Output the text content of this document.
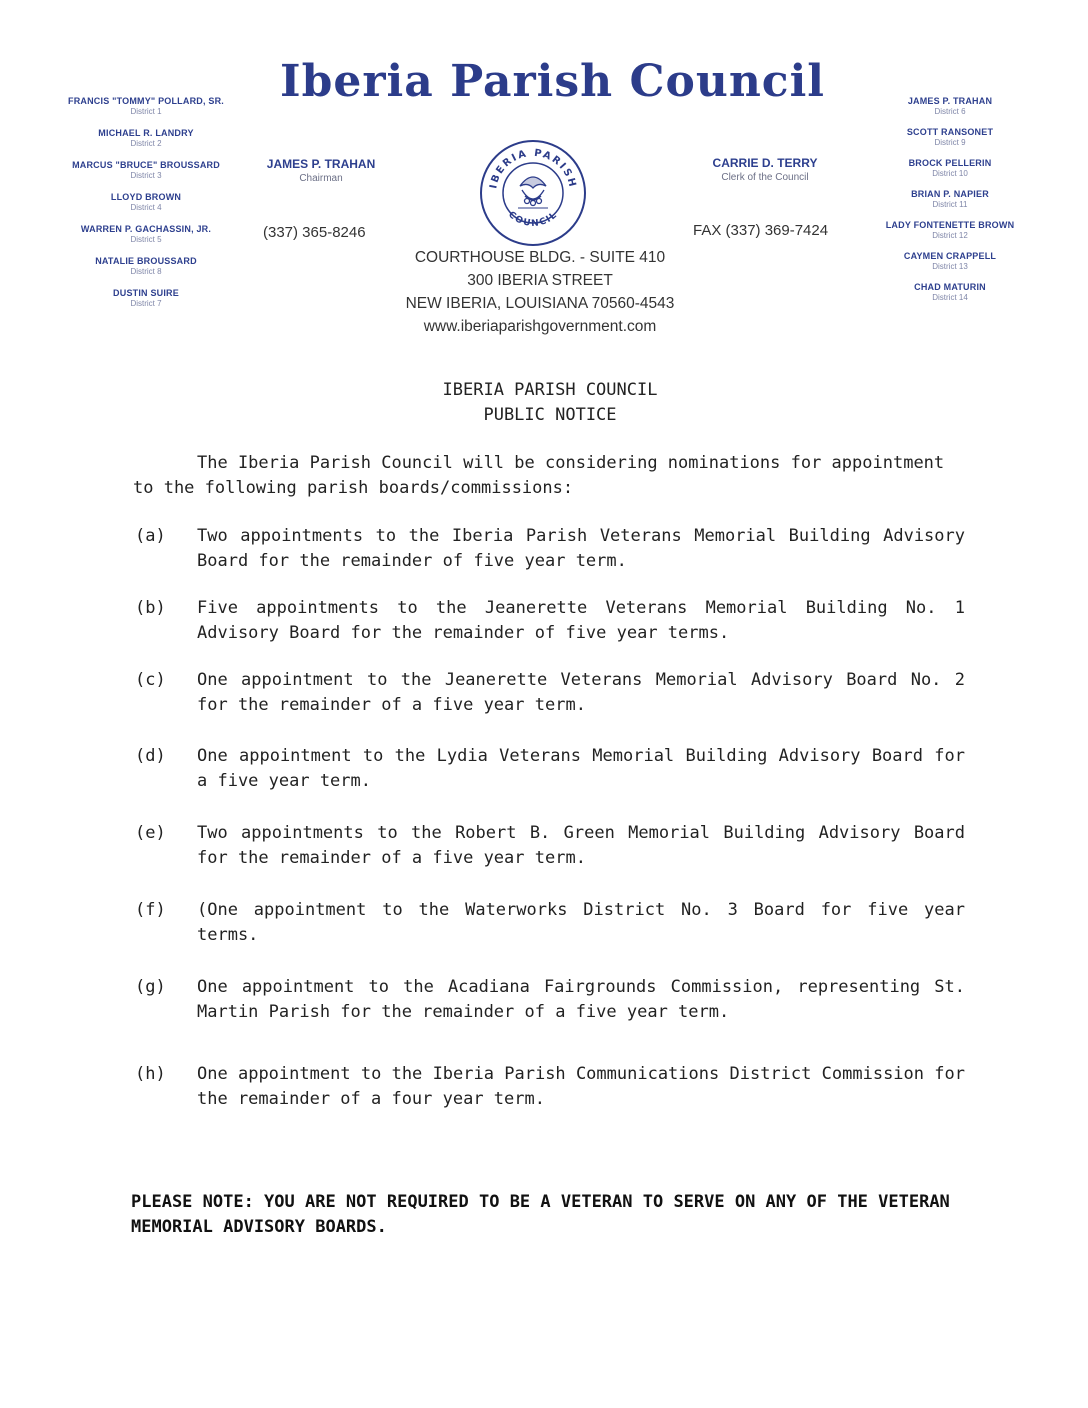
FRANCIS "TOMMY" POLLARD, SR.
District 1
MICHAEL R. LANDRY
District 2
MARCUS "BRUCE" BROUSSARD
District 3
LLOYD BROWN
District 4
WARREN P. GACHASSIN, JR.
District 5
NATALIE BROUSSARD
District 8
DUSTIN SUIRE
District 7
JAMES P. TRAHAN
District 6
SCOTT RANSONET
District 9
BROCK PELLERIN
District 10
BRIAN P. NAPIER
District 11
LADY FONTENETTE BROWN
District 12
CAYMEN CRAPPELL
District 13
CHAD MATURIN
District 14
Iberia Parish Council
JAMES P. TRAHAN
Chairman
CARRIE D. TERRY
Clerk of the Council
(337) 365-8246	FAX (337) 369-7424
IBERIA PARISH
COUNCIL
COURTHOUSE BLDG. - SUITE 410
300 IBERIA STREET
NEW IBERIA, LOUISIANA 70560-4543
www.iberiaparishgovernment.com
IBERIA PARISH COUNCIL
PUBLIC NOTICE
The Iberia Parish Council will be considering nominations for appointment to the following parish boards/commissions:
(a)	Two appointments to the Iberia Parish Veterans Memorial Building Advisory Board for the remainder of five year term.
(b)	Five appointments to the Jeanerette Veterans Memorial Building No. 1 Advisory Board for the remainder of five year terms.
(c)	One appointment to the Jeanerette Veterans Memorial Advisory Board No. 2 for the remainder of a five year term.
(d)	One appointment to the Lydia Veterans Memorial Building Advisory Board for a five year term.
(e)	Two appointments to the Robert B. Green Memorial Building Advisory Board for the remainder of a five year term.
(f)	(One appointment to the Waterworks District No. 3 Board for five year terms.
(g)	One appointment to the Acadiana Fairgrounds Commission, representing St. Martin Parish for the remainder of a five year term.
(h)	One appointment to the Iberia Parish Communications District Commission for the remainder of a four year term.
PLEASE NOTE: YOU ARE NOT REQUIRED TO BE A VETERAN TO SERVE ON ANY OF THE VETERAN MEMORIAL ADVISORY BOARDS.
